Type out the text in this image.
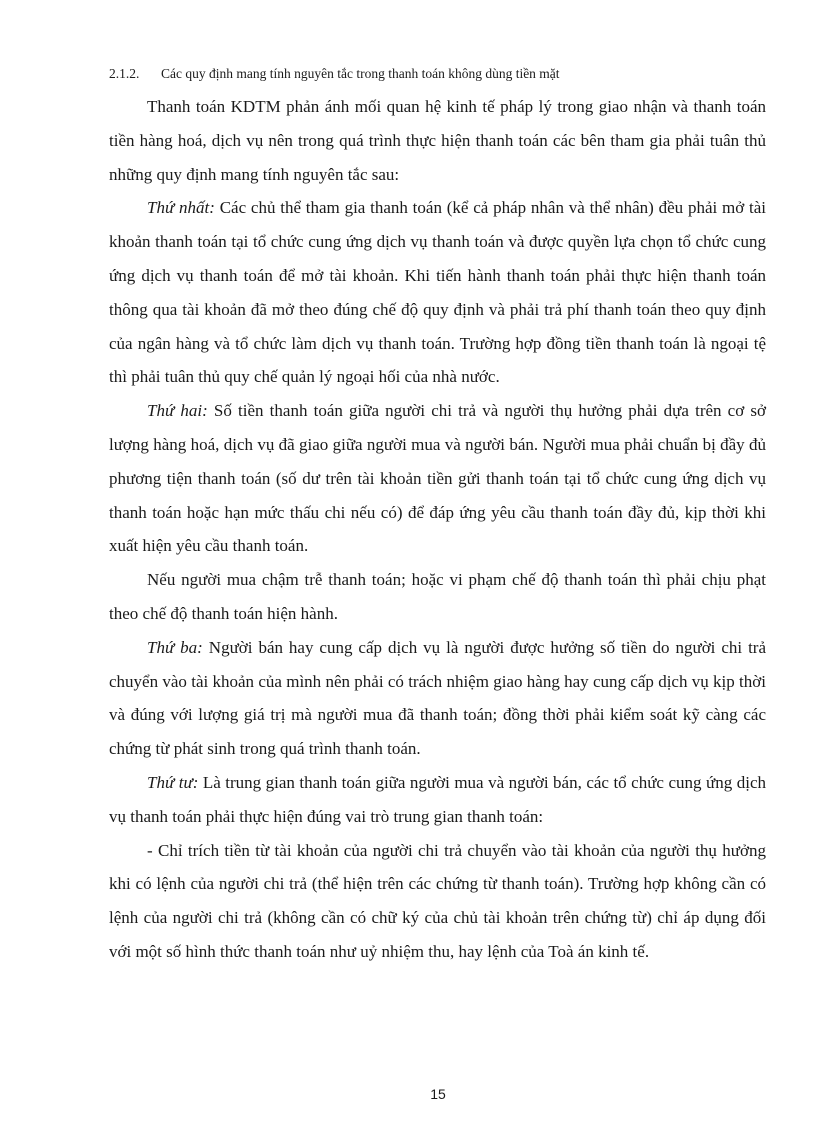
2.1.2. Các quy định mang tính nguyên tắc trong thanh toán không dùng tiền mặt

Thanh toán KDTM phản ánh mối quan hệ kinh tế pháp lý trong giao nhận và thanh toán tiền hàng hoá, dịch vụ nên trong quá trình thực hiện thanh toán các bên tham gia phải tuân thủ những quy định mang tính nguyên tắc sau:

Thứ nhất: Các chủ thể tham gia thanh toán (kể cả pháp nhân và thể nhân) đều phải mở tài khoản thanh toán tại tổ chức cung ứng dịch vụ thanh toán và được quyền lựa chọn tổ chức cung ứng dịch vụ thanh toán để mở tài khoản. Khi tiến hành thanh toán phải thực hiện thanh toán thông qua tài khoản đã mở theo đúng chế độ quy định và phải trả phí thanh toán theo quy định của ngân hàng và tổ chức làm dịch vụ thanh toán. Trường hợp đồng tiền thanh toán là ngoại tệ thì phải tuân thủ quy chế quản lý ngoại hối của nhà nước.

Thứ hai: Số tiền thanh toán giữa người chi trả và người thụ hưởng phải dựa trên cơ sở lượng hàng hoá, dịch vụ đã giao giữa người mua và người bán. Người mua phải chuẩn bị đầy đủ phương tiện thanh toán (số dư trên tài khoản tiền gửi thanh toán tại tổ chức cung ứng dịch vụ thanh toán hoặc hạn mức thấu chi nếu có) để đáp ứng yêu cầu thanh toán đầy đủ, kịp thời khi xuất hiện yêu cầu thanh toán.

Nếu người mua chậm trễ thanh toán; hoặc vi phạm chế độ thanh toán thì phải chịu phạt theo chế độ thanh toán hiện hành.

Thứ ba: Người bán hay cung cấp dịch vụ là người được hưởng số tiền do người chi trả chuyển vào tài khoản của mình nên phải có trách nhiệm giao hàng hay cung cấp dịch vụ kịp thời và đúng với lượng giá trị mà người mua đã thanh toán; đồng thời phải kiểm soát kỹ càng các chứng từ phát sinh trong quá trình thanh toán.

Thứ tư: Là trung gian thanh toán giữa người mua và người bán, các tổ chức cung ứng dịch vụ thanh toán phải thực hiện đúng vai trò trung gian thanh toán:

- Chỉ trích tiền từ tài khoản của người chi trả chuyển vào tài khoản của người thụ hưởng khi có lệnh của người chi trả (thể hiện trên các chứng từ thanh toán). Trường hợp không cần có lệnh của người chi trả (không cần có chữ ký của chủ tài khoản trên chứng từ) chỉ áp dụng đối với một số hình thức thanh toán như uỷ nhiệm thu, hay lệnh của Toà án kinh tế.

15
